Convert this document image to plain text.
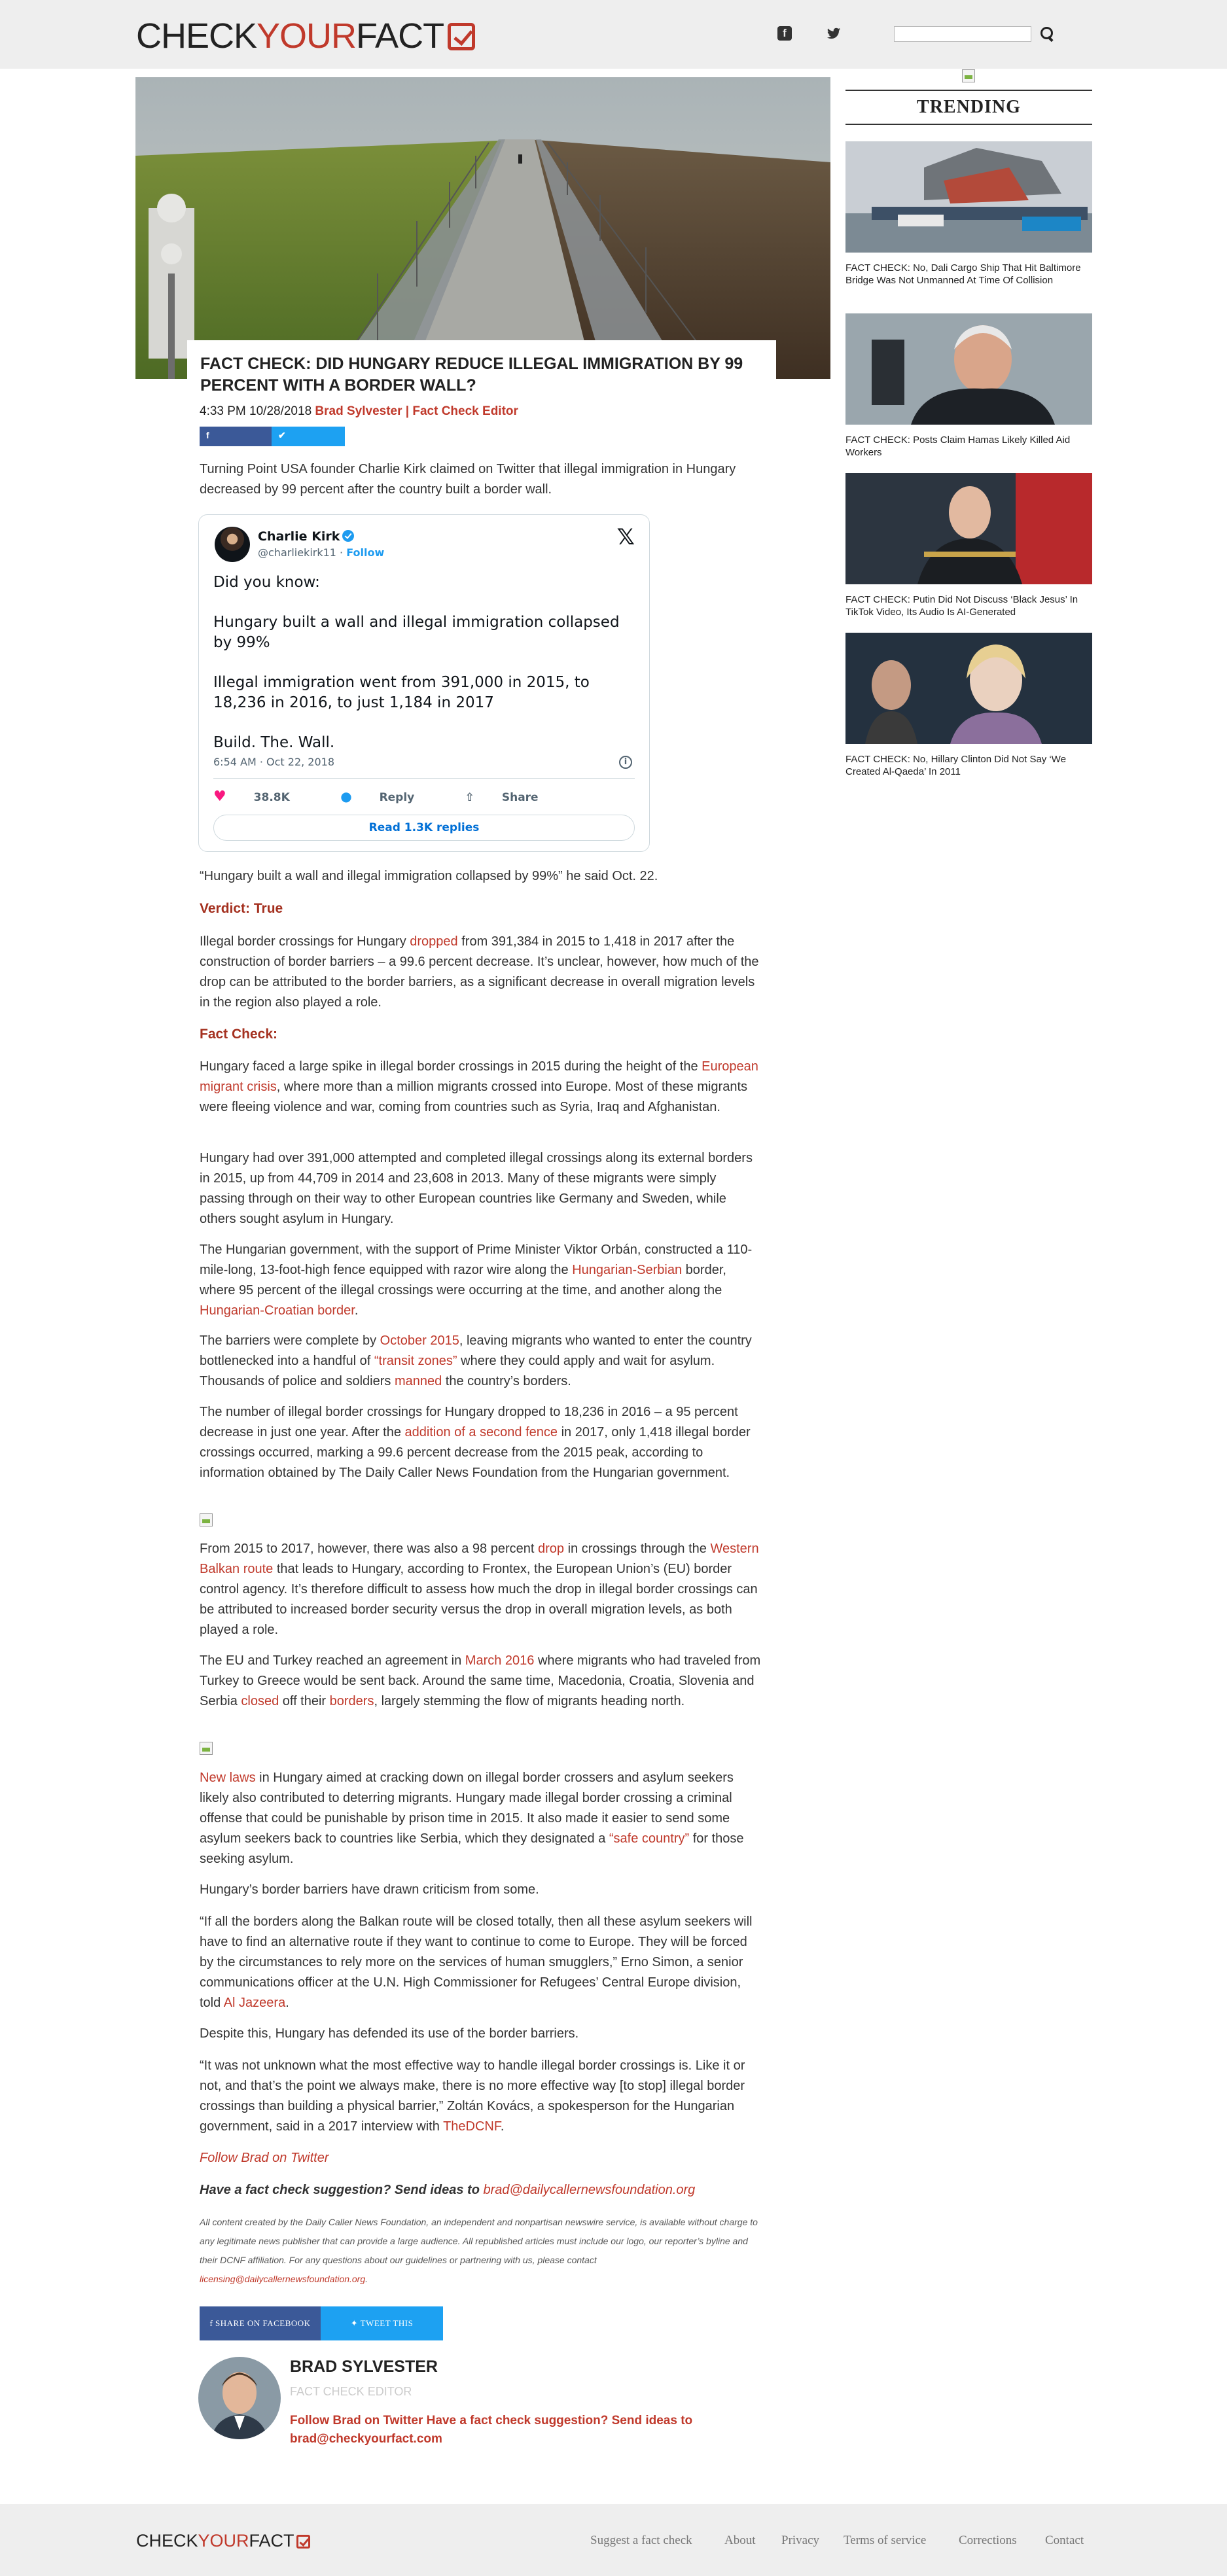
CHECKYOURFACT	f
FACT CHECK: DID HUNGARY REDUCE ILLEGAL IMMIGRATION BY 99 PERCENT WITH A BORDER WALL?
4:33 PM 10/28/2018 Brad Sylvester | Fact Check Editor
f	✔

Turning Point USA founder Charlie Kirk claimed on Twitter that illegal immigration in Hungary decreased by 99 percent after the country built a border wall.

Charlie Kirk
@charliekirk11 · Follow
𝕏
Did you know:
Hungary built a wall and illegal immigration collapsed by 99%
Illegal immigration went from 391,000 in 2015, to 18,236 in 2016, to just 1,184 in 2017
Build. The. Wall.
6:54 AM · Oct 22, 2018	i
♥ 38.8K	● Reply	⇧ Share
Read 1.3K replies

“Hungary built a wall and illegal immigration collapsed by 99%” he said Oct. 22.

Verdict: True

Illegal border crossings for Hungary dropped from 391,384 in 2015 to 1,418 in 2017 after the construction of border barriers – a 99.6 percent decrease. It’s unclear, however, how much of the drop can be attributed to the border barriers, as a significant decrease in overall migration levels in the region also played a role.

Fact Check:

Hungary faced a large spike in illegal border crossings in 2015 during the height of the European migrant crisis, where more than a million migrants crossed into Europe. Most of these migrants were fleeing violence and war, coming from countries such as Syria, Iraq and Afghanistan.

Hungary had over 391,000 attempted and completed illegal crossings along its external borders in 2015, up from 44,709 in 2014 and 23,608 in 2013. Many of these migrants were simply passing through on their way to other European countries like Germany and Sweden, while others sought asylum in Hungary.

The Hungarian government, with the support of Prime Minister Viktor Orbán, constructed a 110-mile-long, 13-foot-high fence equipped with razor wire along the Hungarian-Serbian border, where 95 percent of the illegal crossings were occurring at the time, and another along the Hungarian-Croatian border.

The barriers were complete by October 2015, leaving migrants who wanted to enter the country bottlenecked into a handful of “transit zones” where they could apply and wait for asylum. Thousands of police and soldiers manned the country’s borders.

The number of illegal border crossings for Hungary dropped to 18,236 in 2016 – a 95 percent decrease in just one year. After the addition of a second fence in 2017, only 1,418 illegal border crossings occurred, marking a 99.6 percent decrease from the 2015 peak, according to information obtained by The Daily Caller News Foundation from the Hungarian government.

From 2015 to 2017, however, there was also a 98 percent drop in crossings through the Western Balkan route that leads to Hungary, according to Frontex, the European Union’s (EU) border control agency. It’s therefore difficult to assess how much the drop in illegal border crossings can be attributed to increased border security versus the drop in overall migration levels, as both played a role.

The EU and Turkey reached an agreement in March 2016 where migrants who had traveled from Turkey to Greece would be sent back. Around the same time, Macedonia, Croatia, Slovenia and Serbia closed off their borders, largely stemming the flow of migrants heading north.

New laws in Hungary aimed at cracking down on illegal border crossers and asylum seekers likely also contributed to deterring migrants. Hungary made illegal border crossing a criminal offense that could be punishable by prison time in 2015. It also made it easier to send some asylum seekers back to countries like Serbia, which they designated a “safe country” for those seeking asylum.

Hungary’s border barriers have drawn criticism from some.

“If all the borders along the Balkan route will be closed totally, then all these asylum seekers will have to find an alternative route if they want to continue to come to Europe. They will be forced by the circumstances to rely more on the services of human smugglers,” Erno Simon, a senior communications officer at the U.N. High Commissioner for Refugees’ Central Europe division, told Al Jazeera.

Despite this, Hungary has defended its use of the border barriers.

“It was not unknown what the most effective way to handle illegal border crossings is. Like it or not, and that’s the point we always make, there is no more effective way [to stop] illegal border crossings than building a physical barrier,” Zoltán Kovács, a spokesperson for the Hungarian government, said in a 2017 interview with TheDCNF.

Follow Brad on Twitter
Have a fact check suggestion? Send ideas to brad@dailycallernewsfoundation.org
All content created by the Daily Caller News Foundation, an independent and nonpartisan newswire service, is available without charge to any legitimate news publisher that can provide a large audience. All republished articles must include our logo, our reporter’s byline and their DCNF affiliation. For any questions about our guidelines or partnering with us, please contact licensing@dailycallernewsfoundation.org.
f SHARE ON FACEBOOK	✦ TWEET THIS
BRAD SYLVESTER
FACT CHECK EDITOR
Follow Brad on Twitter Have a fact check suggestion? Send ideas to brad@checkyourfact.com
TRENDING

FACT CHECK: No, Dali Cargo Ship That Hit Baltimore Bridge Was Not Unmanned At Time Of Collision

FACT CHECK: Posts Claim Hamas Likely Killed Aid Workers

FACT CHECK: Putin Did Not Discuss ‘Black Jesus’ In TikTok Video, Its Audio Is AI-Generated

FACT CHECK: No, Hillary Clinton Did Not Say ‘We Created Al-Qaeda’ In 2011

CHECKYOURFACT	Suggest a fact check	About Privacy Terms of service	Corrections Contact
